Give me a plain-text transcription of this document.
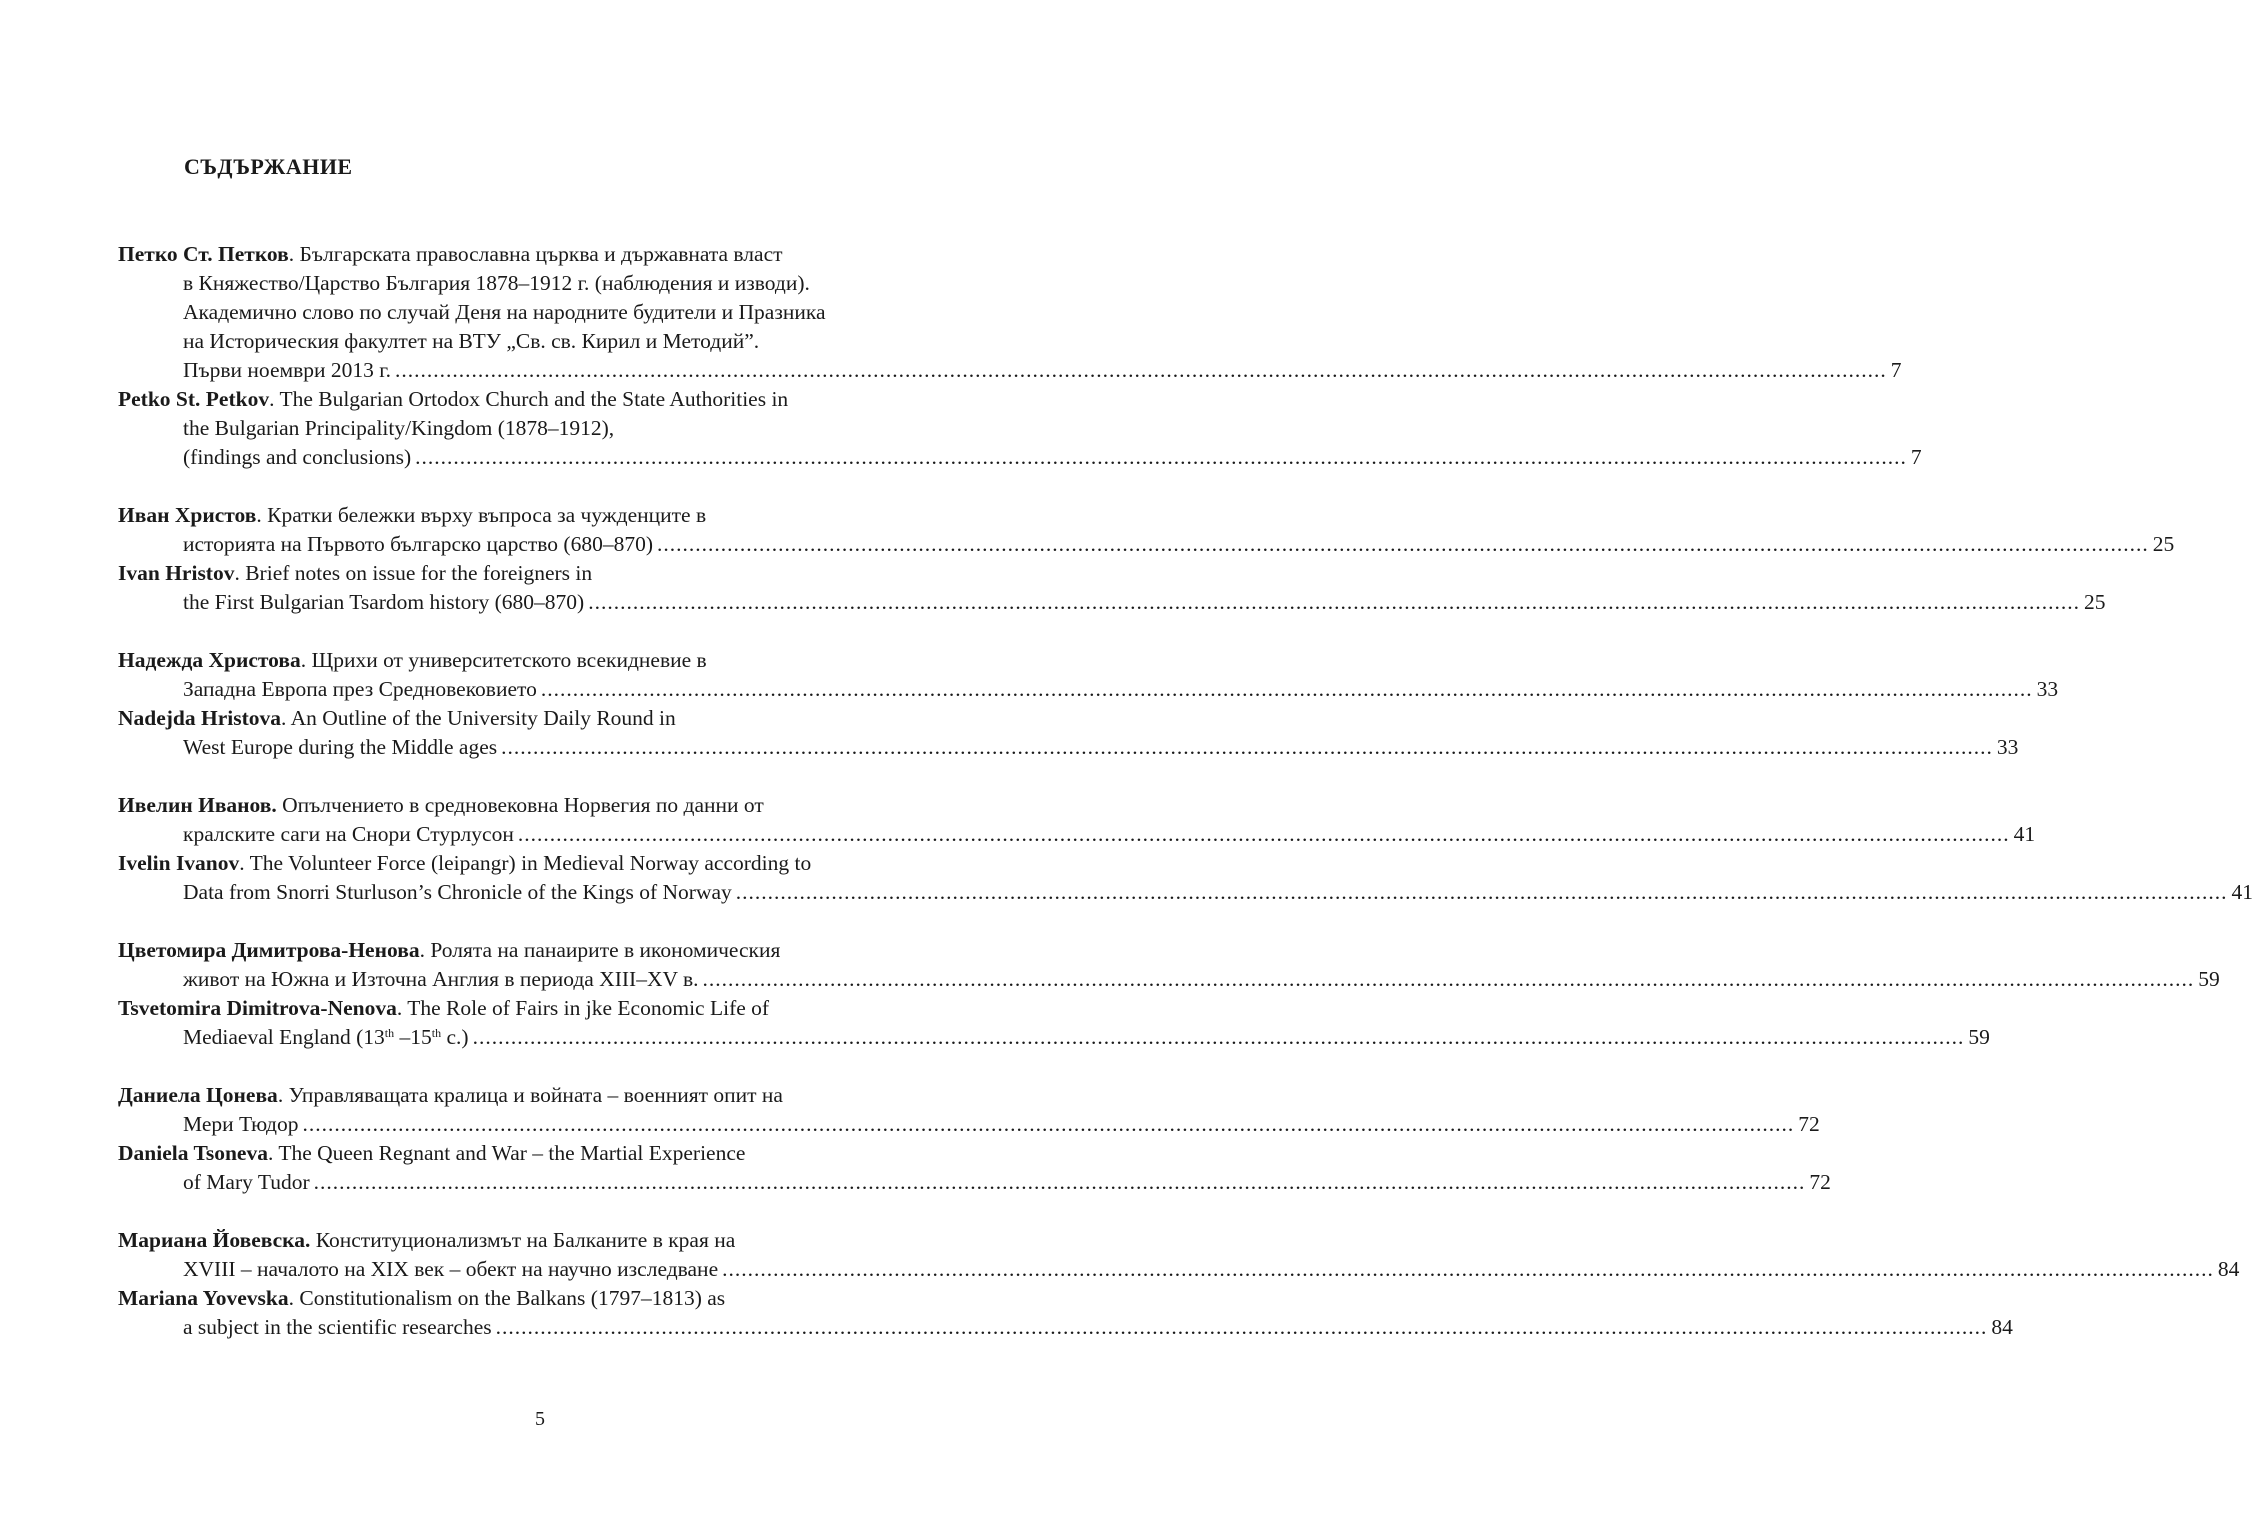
СЪДЪРЖАНИЕ
Петко Ст. Петков. Българската православна църква и държавната власт
в Княжество/Царство България 1878–1912 г. (наблюдения и изводи).
Академично слово по случай Деня на народните будители и Празника
на Историческия факултет на ВТУ „Св. св. Кирил и Методий”.
Първи ноември 2013 г. .....	7
Petko St. Petkov. The Bulgarian Ortodox Church and the State Authorities in
the Bulgarian Principality/Kingdom (1878–1912),
(findings and conclusions) .....	7
Иван Христов. Кратки бележки върху въпроса за чужденците в
историята на Първото българско царство (680–870) .....	25
Ivan Hristov. Brief notes on issue for the foreigners in
the First Bulgarian Tsardom history (680–870) .....	25
Надежда Христова. Щрихи от университетското всекидневие в
Западна Европа през Средновековието .....	33
Nadejda Hristova. An Outline of the University Daily Round in
West Europe during the Middle ages .....	33
Ивелин Иванов. Опълчението в средновековна Норвегия по данни от
кралските саги на Снори Стурлусон .....	41
Ivelin Ivanov. The Volunteer Force (leipangr) in Medieval Norway according to
Data from Snorri Sturluson’s Chronicle of the Kings of Norway .....	41
Цветомира Димитрова-Ненова. Ролята на панаирите в икономическия
живот на Южна и Източна Англия в периода XIII–XV в. .....	59
Tsvetomira Dimitrova-Nenova. The Role of Fairs in jke Economic Life of
Mediaeval England (13th –15th c.) .....	59
Даниела Цонева. Управляващата кралица и войната – военният опит на
Мери Тюдор .....	72
Daniela Tsoneva. The Queen Regnant and War – the Martial Experience
of Mary Tudor .....	72
Мариана Йовевска. Конституционализмът на Балканите в края на
XVIII – началото на XIX век – обект на научно изследване .....	84
Mariana Yovevska. Constitutionalism on the Balkans (1797–1813) as
a subject in the scientific researches .....	84
5
